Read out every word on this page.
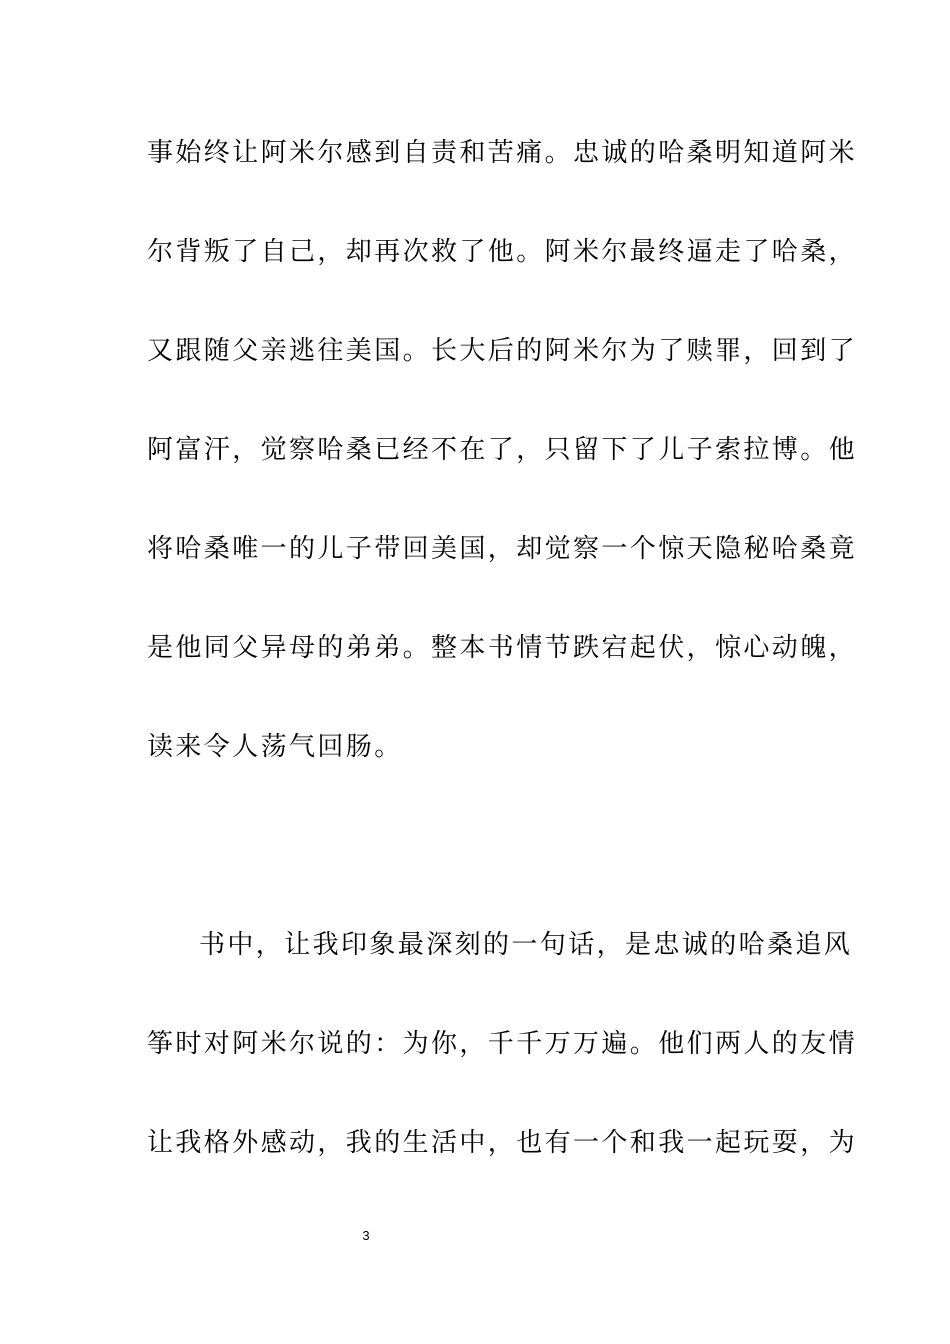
事始终让阿米尔感到自责和苦痛。忠诚的哈桑明知道阿米
尔背叛了自己，却再次救了他。阿米尔最终逼走了哈桑，
又跟随父亲逃往美国。长大后的阿米尔为了赎罪，回到了
阿富汗，觉察哈桑已经不在了，只留下了儿子索拉博。他
将哈桑唯一的儿子带回美国，却觉察一个惊天隐秘哈桑竟
是他同父异母的弟弟。整本书情节跌宕起伏，惊心动魄，
读来令人荡气回肠。
书中，让我印象最深刻的一句话，是忠诚的哈桑追风
筝时对阿米尔说的：为你，千千万万遍。他们两人的友情
让我格外感动，我的生活中，也有一个和我一起玩耍，为
3
